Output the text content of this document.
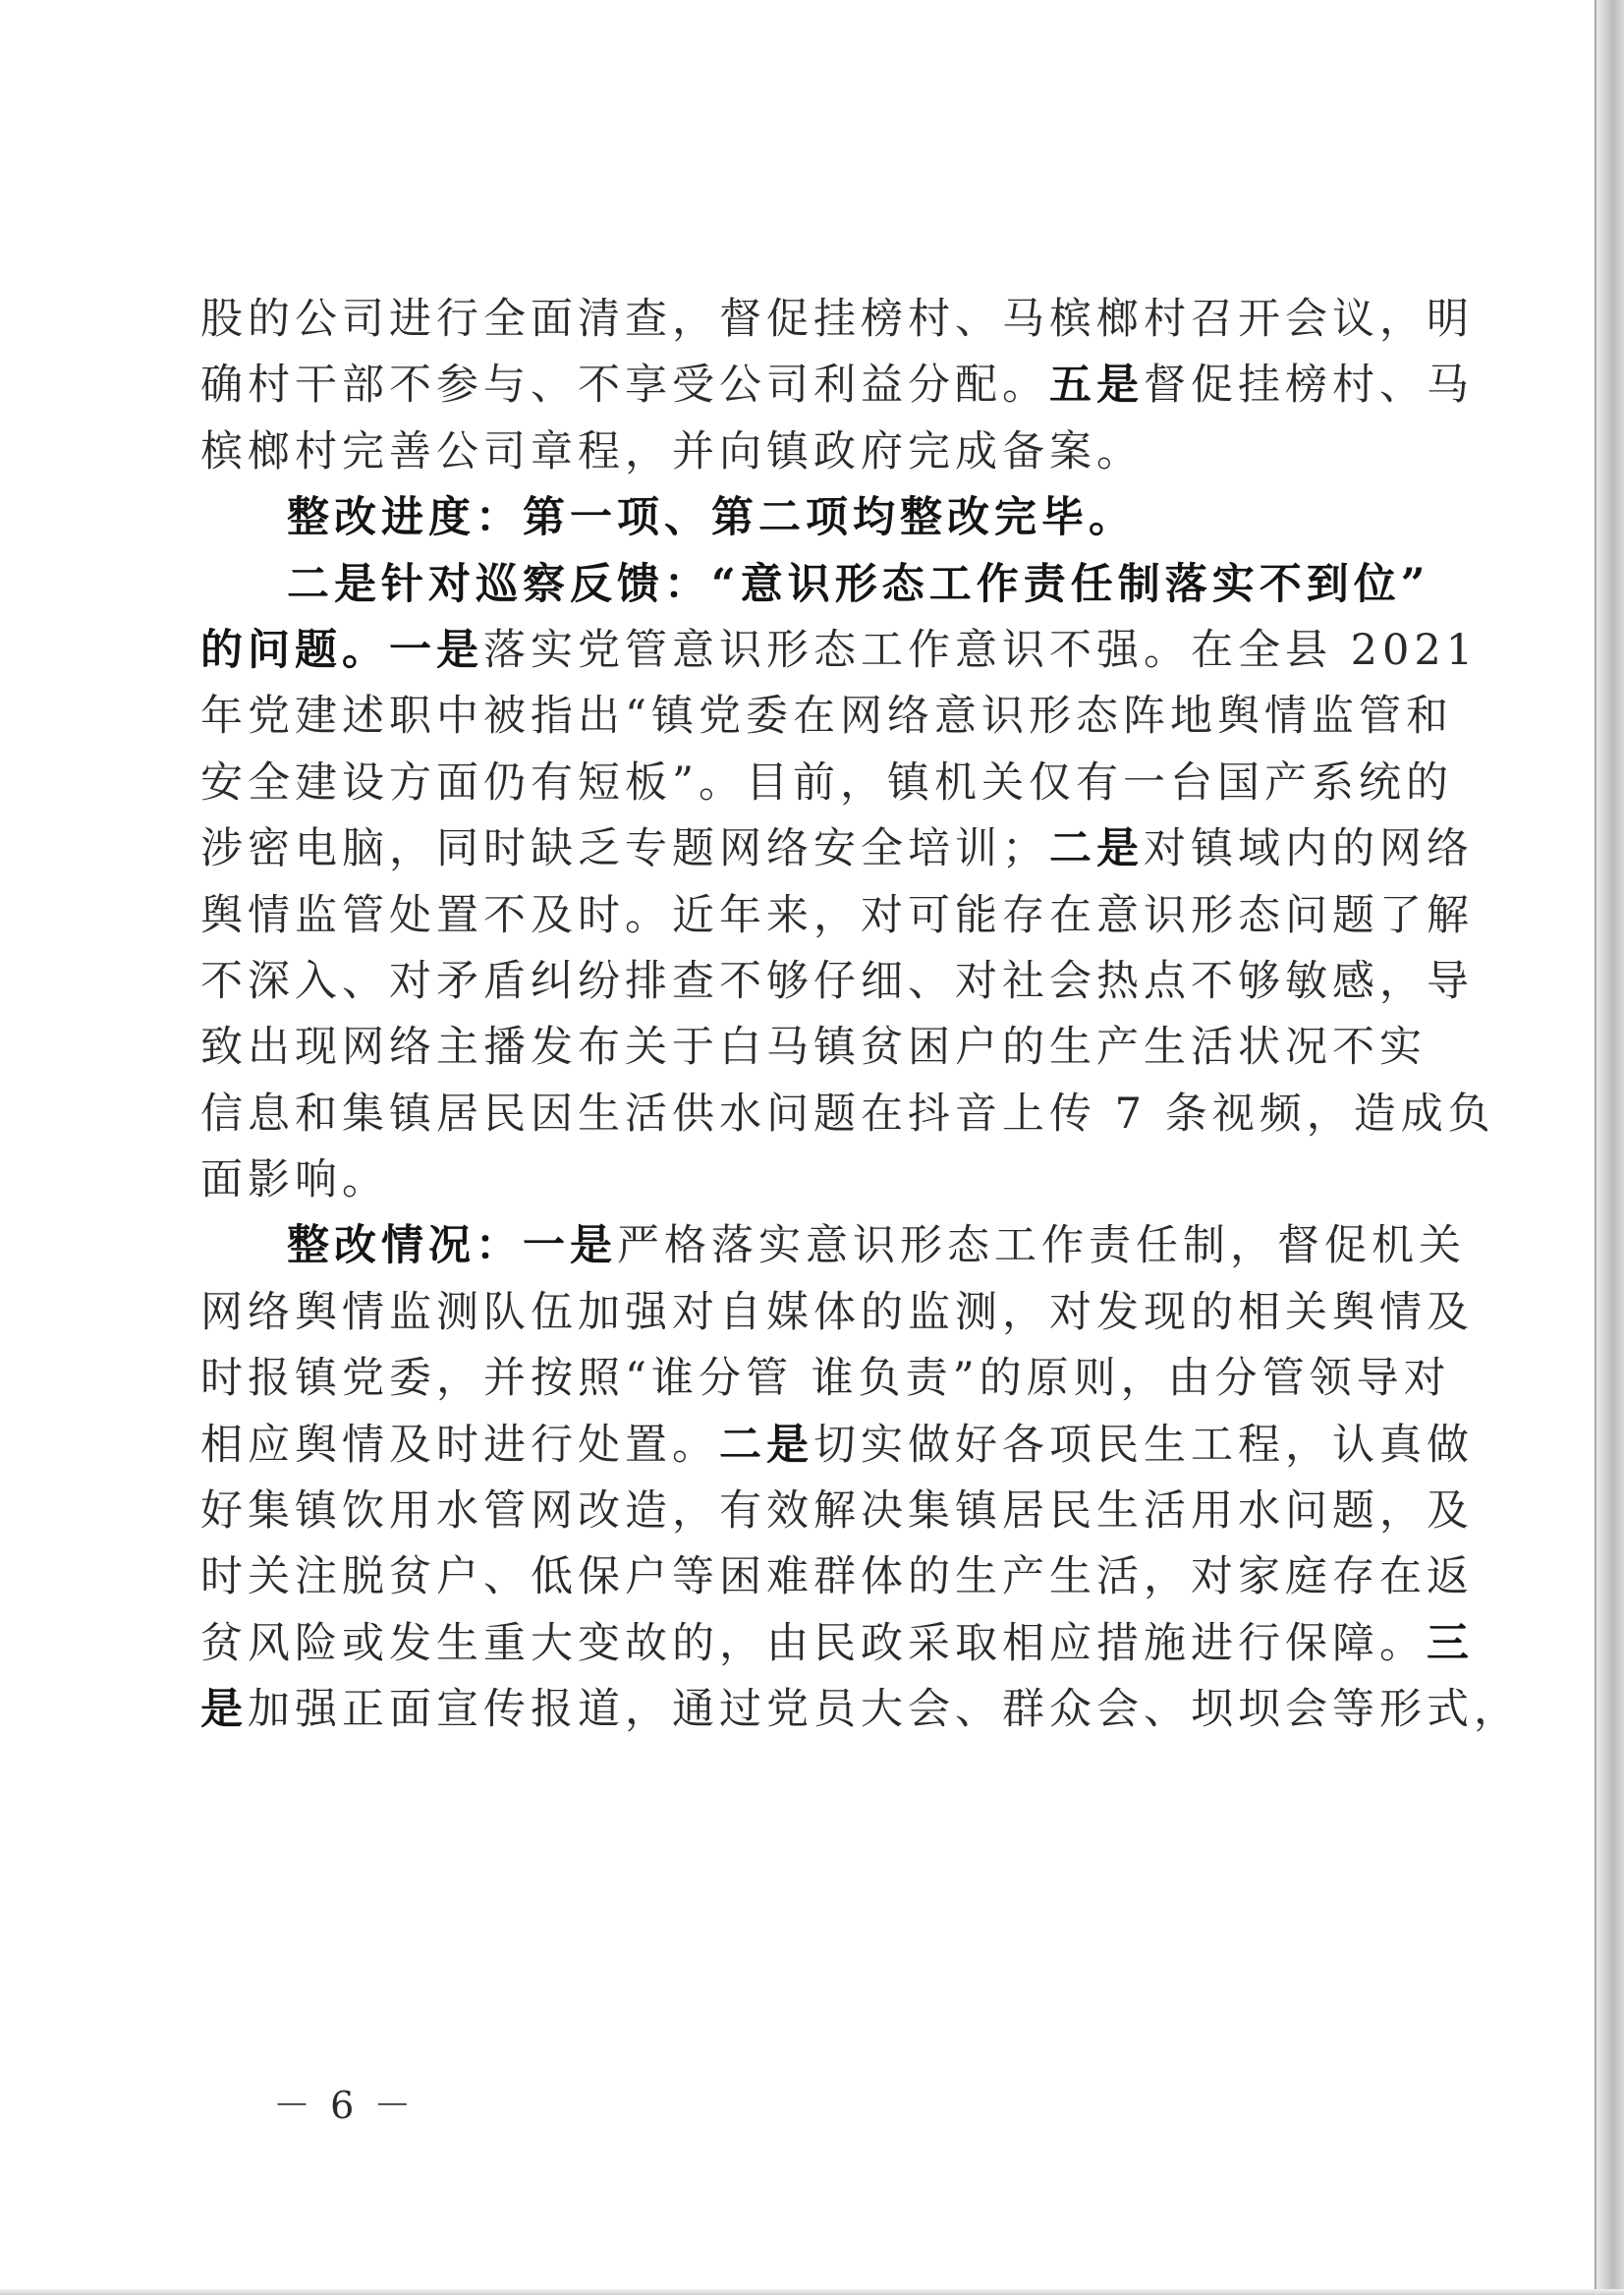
股的公司进行全面清查，督促挂榜村、马槟榔村召开会议，明
确村干部不参与、不享受公司利益分配。五是督促挂榜村、马
槟榔村完善公司章程，并向镇政府完成备案。
整改进度：第一项、第二项均整改完毕。
二是针对巡察反馈：“意识形态工作责任制落实不到位”
的问题。一是落实党管意识形态工作意识不强。在全县 2021
年党建述职中被指出“镇党委在网络意识形态阵地舆情监管和
安全建设方面仍有短板”。目前，镇机关仅有一台国产系统的
涉密电脑，同时缺乏专题网络安全培训；二是对镇域内的网络
舆情监管处置不及时。近年来，对可能存在意识形态问题了解
不深入、对矛盾纠纷排查不够仔细、对社会热点不够敏感，导
致出现网络主播发布关于白马镇贫困户的生产生活状况不实
信息和集镇居民因生活供水问题在抖音上传 7 条视频，造成负
面影响。
整改情况：一是严格落实意识形态工作责任制，督促机关
网络舆情监测队伍加强对自媒体的监测，对发现的相关舆情及
时报镇党委，并按照“谁分管 谁负责”的原则，由分管领导对
相应舆情及时进行处置。二是切实做好各项民生工程，认真做
好集镇饮用水管网改造，有效解决集镇居民生活用水问题，及
时关注脱贫户、低保户等困难群体的生产生活，对家庭存在返
贫风险或发生重大变故的，由民政采取相应措施进行保障。三
是加强正面宣传报道，通过党员大会、群众会、坝坝会等形式，
－ 6 －
